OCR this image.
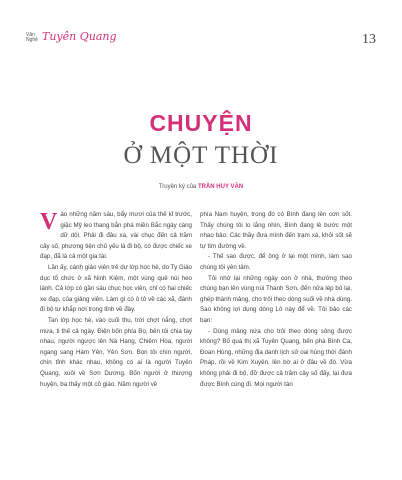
Văn
Nghệ Tuyên Quang	13
CHUYỆN
Ở MỘT THỜI
Truyện ký của TRẦN HUY VĂN

Vào những năm sáu, bẩy mươi của thế kỉ trước, giặc Mỹ leo thang bắn phá miền Bắc ngày càng dữ dội. Phải đi đâu xa, vài chục đến cả trăm cây số, phương tiện chủ yếu là đi bộ, có được chiếc xe đạp, đã là cả một gia tài.

Lần ấy, cánh giáo viên trẻ dự lớp học hè, do Ty Giáo dục tổ chức ở xã Ninh Kiệm, một vùng quê núi heo lánh. Cả lớp có gần sáu chục học viên, chỉ có hai chiếc xe đạp, của giảng viên. Làm gì có ô tô về các xã, đành đi bộ tư khắp nơi trong tỉnh về đây.

Tan lớp học hè, vào cuối thu, trời chợt nắng, chợt mưa, ti thế cả ngày. Điện bốn phía Bọ, bên tôi chia tay nhau, người ngược lên Nà Hang, Chiêm Hóa, người ngang sang Hàm Yên, Yên Sơn. Bọn tôi chín người, chín tỉnh khác nhau, không có ai là người Tuyên Quang, xuôi về Sơn Dương. Bốn người ở thượng huyện, ba thấy một cô giáo. Năm người về

phía Nam huyện, trong đó có Bình đang lên cơn sốt. Thấy chúng tôi lo lắng nhìn, Bình đang lê bước một nhao bảo: Các thầy đưa mình đến trạm xá, khỏi sốt sẽ tự tìm đường về.

- Thế sao được, để ông ở lại một mình, làm sao chúng tôi yên tâm.

Tôi nhớ lại những ngày con ở nhà, thường theo chúng bạn lên vùng núi Thanh Sơn, đến nửa lép bó lại, ghép thành mảng, cho trôi theo dòng suối về nhà dùng. Sao không lợi dụng dòng Lô này để về. Tôi bảo các bạn:

- Dùng mảng nứa cho trôi theo dòng sông được không? Bố quá thị xã Tuyên Quang, bến phà Bình Ca, Đoan Hùng, những địa danh lịch sử oai hùng thời đánh Pháp, rồi về Kim Xuyên, lên bờ ai ở đâu về đó. Vừa không phải đi bộ, đỡ được cả trăm cây số đấy, lại đưa được Bình cùng đi. Mọi người tán
